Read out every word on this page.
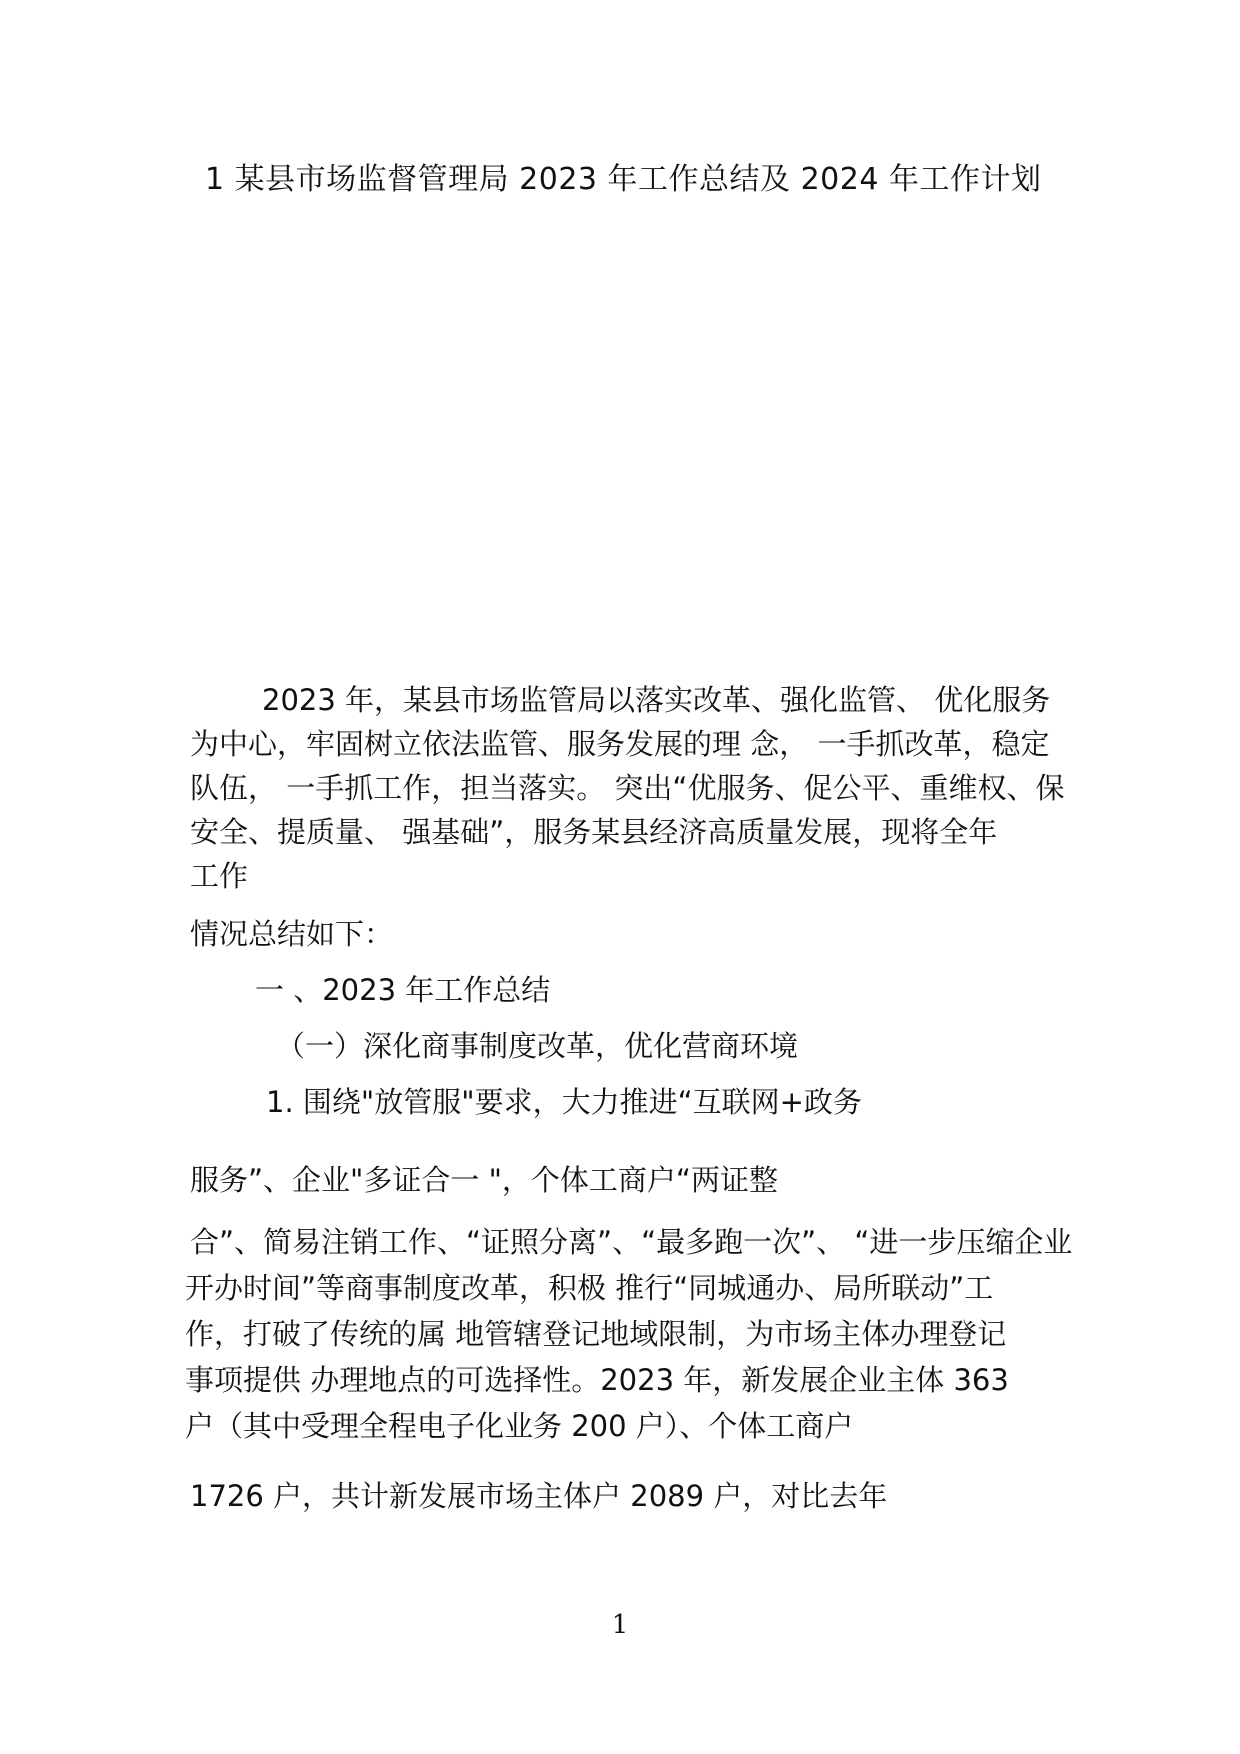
1 某县市场监督管理局 2023 年工作总结及 2024 年工作计划
2023 年，某县市场监管局以落实改革、强化监管、 优化服务
为中心，牢固树立依法监管、服务发展的理 念， 一手抓改革，稳定
队伍， 一手抓工作，担当落实。 突出“优服务、促公平、重维权、保
安全、提质量、 强基础”，服务某县经济高质量发展，现将全年
工作
情况总结如下：
一 、2023 年工作总结
（一）深化商事制度改革，优化营商环境
1. 围绕"放管服"要求，大力推进“互联网+政务
服务”、企业"多证合一 "，个体工商户“两证整
合”、简易注销工作、“证照分离”、“最多跑一次”、 “进一步压缩企业
开办时间”等商事制度改革，积极 推行“同城通办、局所联动”工
作，打破了传统的属 地管辖登记地域限制，为市场主体办理登记
事项提供 办理地点的可选择性。2023 年，新发展企业主体 363
户（其中受理全程电子化业务 200 户）、个体工商户
1726 户，共计新发展市场主体户 2089 户，对比去年
1
